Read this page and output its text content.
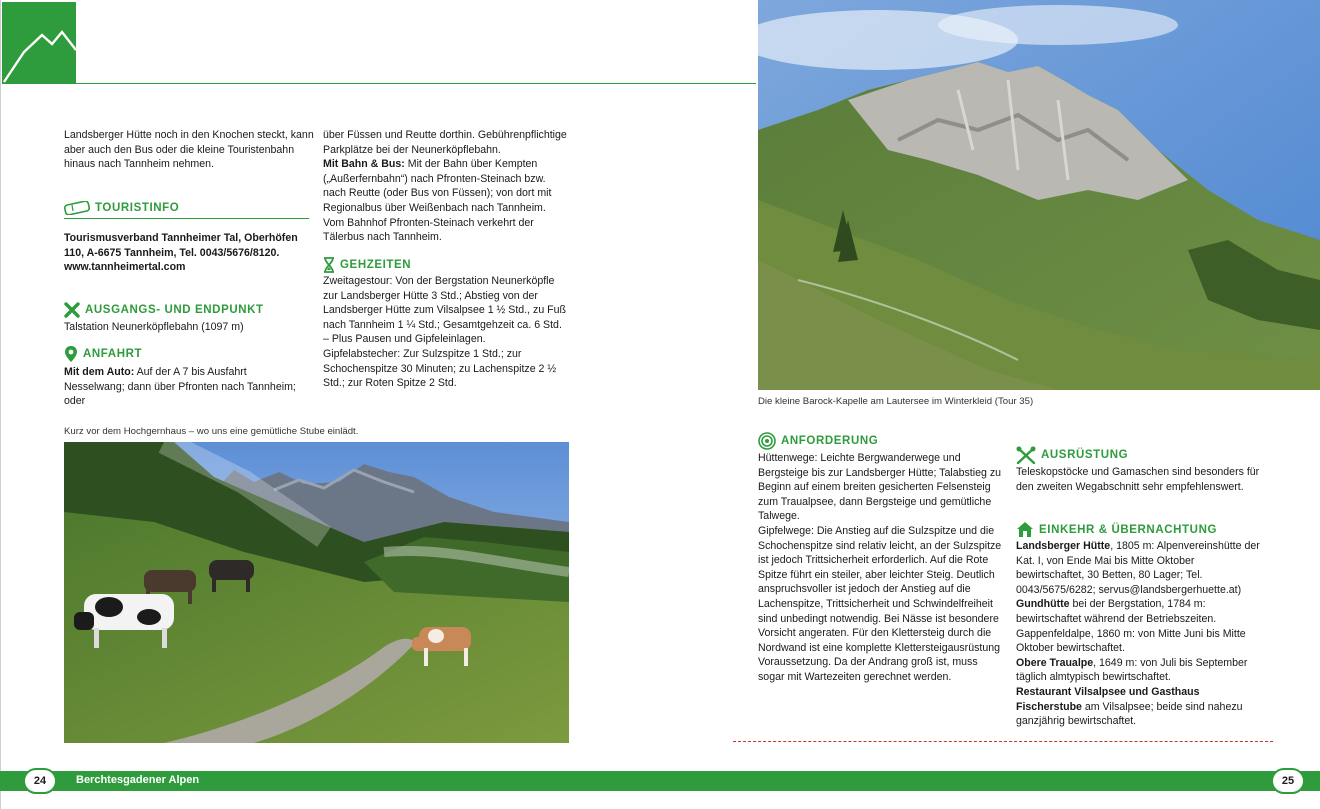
Landsberger Hütte noch in den Knochen steckt, kann aber auch den Bus oder die kleine Touristenbahn hinaus nach Tannheim nehmen.

TOURISTINFO

Tourismusverband Tannheimer Tal, Oberhöfen

110, A-6675 Tannheim, Tel. 0043/5676/8120.

www.tannheimertal.com

AUSGANGS- UND ENDPUNKT

Talstation Neunerköpflebahn (1097 m)

ANFAHRT

Mit dem Auto: Auf der A 7 bis Ausfahrt Nesselwang; dann über Pfronten nach Tannheim; oder

über Füssen und Reutte dorthin. Gebührenpflichtige Parkplätze bei der Neunerköpflebahn.

Mit Bahn & Bus: Mit der Bahn über Kempten („Außerfernbahn“) nach Pfronten-Steinach bzw. nach Reutte (oder Bus von Füssen); von dort mit Regionalbus über Weißenbach nach Tannheim. Vom Bahnhof Pfronten-Steinach verkehrt der Tälerbus nach Tannheim.

GEHZEITEN

Zweitagestour: Von der Bergstation Neunerköpfle zur Landsberger Hütte 3 Std.; Abstieg von der Landsberger Hütte zum Vilsalpsee 1 ½ Std., zu Fuß nach Tannheim 1 ¼ Std.; Gesamtgehzeit ca. 6 Std. – Plus Pausen und Gipfeleinlagen.

Gipfelabstecher: Zur Sulzspitze 1 Std.; zur Schochenspitze 30 Minuten; zu Lachenspitze 2 ½ Std.; zur Roten Spitze 2 Std.

Kurz vor dem Hochgernhaus – wo uns eine gemütliche Stube einlädt.
Die kleine Barock-Kapelle am Lautersee im Winterkleid (Tour 35)
ANFORDERUNG

Hüttenwege: Leichte Bergwanderwege und Bergsteige bis zur Landsberger Hütte; Talabstieg zu Beginn auf einem breiten gesicherten Felsensteig zum Traualpsee, dann Bergsteige und gemütliche Talwege.

Gipfelwege: Die Anstieg auf die Sulzspitze und die Schochenspitze sind relativ leicht, an der Sulzspitze ist jedoch Trittsicherheit erforderlich. Auf die Rote Spitze führt ein steiler, aber leichter Steig. Deutlich anspruchsvoller ist jedoch der Anstieg auf die Lachenspitze, Trittsicherheit und Schwindelfreiheit sind unbedingt notwendig. Bei Nässe ist besondere Vorsicht angeraten. Für den Klettersteig durch die Nordwand ist eine komplette Klettersteigausrüstung Voraussetzung. Da der Andrang groß ist, muss sogar mit Wartezeiten gerechnet werden.

AUSRÜSTUNG

Teleskopstöcke und Gamaschen sind besonders für den zweiten Wegabschnitt sehr empfehlenswert.

EINKEHR & ÜBERNACHTUNG

Landsberger Hütte, 1805 m: Alpenvereinshütte der Kat. I, von Ende Mai bis Mitte Oktober bewirtschaftet, 30 Betten, 80 Lager; Tel. 0043/5675/6282; servus@landsbergerhuette.at)

Gundhütte bei der Bergstation, 1784 m: bewirtschaftet während der Betriebszeiten.

Gappenfeldalpe, 1860 m: von Mitte Juni bis Mitte Oktober bewirtschaftet.

Obere Traualpe, 1649 m: von Juli bis September täglich almtypisch bewirtschaftet.

Restaurant Vilsalpsee und Gasthaus Fischerstube am Vilsalpsee; beide sind nahezu ganzjährig bewirtschaftet.

24	Berchtesgadener Alpen	25
